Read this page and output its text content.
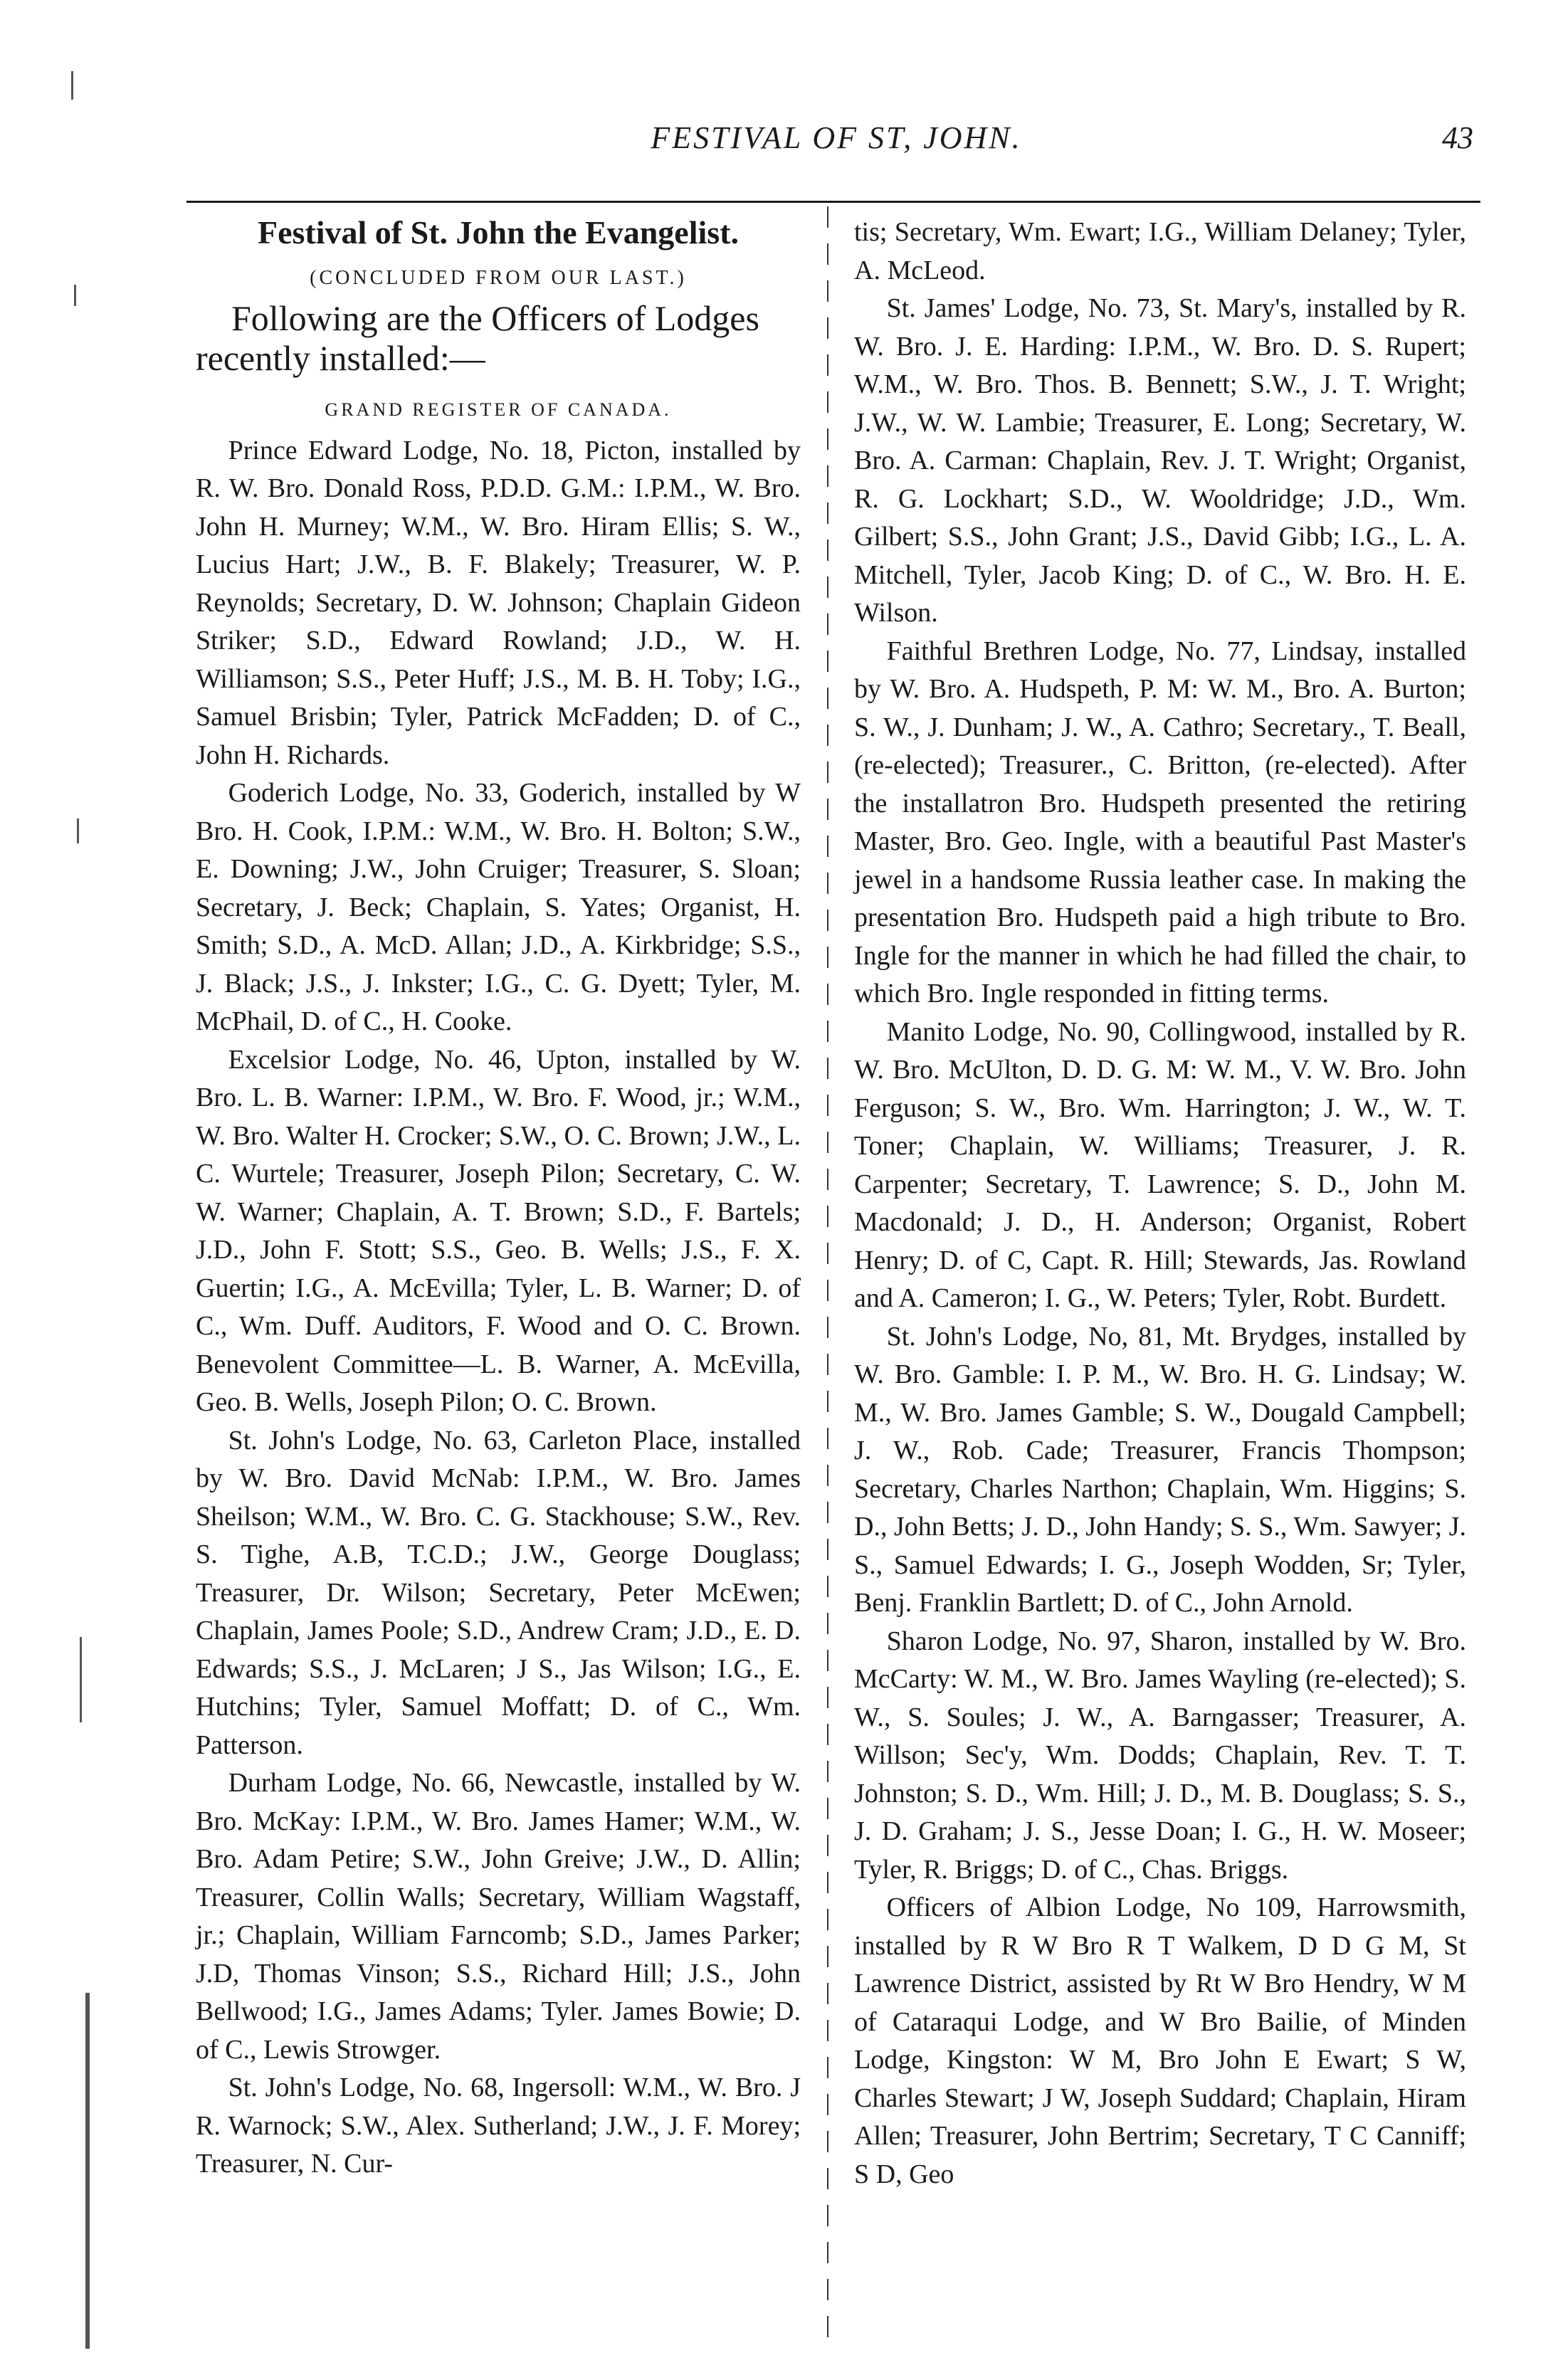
FESTIVAL OF ST, JOHN.	43
Festival of St. John the Evangelist.
(CONCLUDED FROM OUR LAST.)
Following are the Officers of Lodges recently installed:—
GRAND REGISTER OF CANADA.

Prince Edward Lodge, No. 18, Picton, installed by R. W. Bro. Donald Ross, P.D.D. G.M.: I.P.M., W. Bro. John H. Murney; W.M., W. Bro. Hiram Ellis; S. W., Lucius Hart; J.W., B. F. Blakely; Treasurer, W. P. Reynolds; Secretary, D. W. Johnson; Chaplain Gideon Striker; S.D., Edward Rowland; J.D., W. H. Williamson; S.S., Peter Huff; J.S., M. B. H. Toby; I.G., Samuel Brisbin; Tyler, Patrick McFadden; D. of C., John H. Richards.

Goderich Lodge, No. 33, Goderich, installed by W Bro. H. Cook, I.P.M.: W.M., W. Bro. H. Bolton; S.W., E. Downing; J.W., John Cruiger; Treasurer, S. Sloan; Secretary, J. Beck; Chaplain, S. Yates; Organist, H. Smith; S.D., A. McD. Allan; J.D., A. Kirkbridge; S.S., J. Black; J.S., J. Inkster; I.G., C. G. Dyett; Tyler, M. McPhail, D. of C., H. Cooke.

Excelsior Lodge, No. 46, Upton, installed by W. Bro. L. B. Warner: I.P.M., W. Bro. F. Wood, jr.; W.M., W. Bro. Walter H. Crocker; S.W., O. C. Brown; J.W., L. C. Wurtele; Treasurer, Joseph Pilon; Secretary, C. W. W. Warner; Chaplain, A. T. Brown; S.D., F. Bartels; J.D., John F. Stott; S.S., Geo. B. Wells; J.S., F. X. Guertin; I.G., A. McEvilla; Tyler, L. B. Warner; D. of C., Wm. Duff. Auditors, F. Wood and O. C. Brown. Benevolent Committee—L. B. Warner, A. McEvilla, Geo. B. Wells, Joseph Pilon; O. C. Brown.

St. John's Lodge, No. 63, Carleton Place, installed by W. Bro. David McNab: I.P.M., W. Bro. James Sheilson; W.M., W. Bro. C. G. Stackhouse; S.W., Rev. S. Tighe, A.B, T.C.D.; J.W., George Douglass; Treasurer, Dr. Wilson; Secretary, Peter McEwen; Chaplain, James Poole; S.D., Andrew Cram; J.D., E. D. Edwards; S.S., J. McLaren; J S., Jas Wilson; I.G., E. Hutchins; Tyler, Samuel Moffatt; D. of C., Wm. Patterson.

Durham Lodge, No. 66, Newcastle, installed by W. Bro. McKay: I.P.M., W. Bro. James Hamer; W.M., W. Bro. Adam Petire; S.W., John Greive; J.W., D. Allin; Treasurer, Collin Walls; Secretary, William Wagstaff, jr.; Chaplain, William Farncomb; S.D., James Parker; J.D, Thomas Vinson; S.S., Richard Hill; J.S., John Bellwood; I.G., James Adams; Tyler. James Bowie; D. of C., Lewis Strowger.

St. John's Lodge, No. 68, Ingersoll: W.M., W. Bro. J R. Warnock; S.W., Alex. Sutherland; J.W., J. F. Morey; Treasurer, N. Cur-

tis; Secretary, Wm. Ewart; I.G., William Delaney; Tyler, A. McLeod.

St. James' Lodge, No. 73, St. Mary's, installed by R. W. Bro. J. E. Harding: I.P.M., W. Bro. D. S. Rupert; W.M., W. Bro. Thos. B. Bennett; S.W., J. T. Wright; J.W., W. W. Lambie; Treasurer, E. Long; Secretary, W. Bro. A. Carman: Chaplain, Rev. J. T. Wright; Organist, R. G. Lockhart; S.D., W. Wooldridge; J.D., Wm. Gilbert; S.S., John Grant; J.S., David Gibb; I.G., L. A. Mitchell, Tyler, Jacob King; D. of C., W. Bro. H. E. Wilson.

Faithful Brethren Lodge, No. 77, Lindsay, installed by W. Bro. A. Hudspeth, P. M: W. M., Bro. A. Burton; S. W., J. Dunham; J. W., A. Cathro; Secretary., T. Beall, (re-elected); Treasurer., C. Britton, (re-elected). After the installatron Bro. Hudspeth presented the retiring Master, Bro. Geo. Ingle, with a beautiful Past Master's jewel in a handsome Russia leather case. In making the presentation Bro. Hudspeth paid a high tribute to Bro. Ingle for the manner in which he had filled the chair, to which Bro. Ingle responded in fitting terms.

Manito Lodge, No. 90, Collingwood, installed by R. W. Bro. McUlton, D. D. G. M: W. M., V. W. Bro. John Ferguson; S. W., Bro. Wm. Harrington; J. W., W. T. Toner; Chaplain, W. Williams; Treasurer, J. R. Carpenter; Secretary, T. Lawrence; S. D., John M. Macdonald; J. D., H. Anderson; Organist, Robert Henry; D. of C, Capt. R. Hill; Stewards, Jas. Rowland and A. Cameron; I. G., W. Peters; Tyler, Robt. Burdett.

St. John's Lodge, No, 81, Mt. Brydges, installed by W. Bro. Gamble: I. P. M., W. Bro. H. G. Lindsay; W. M., W. Bro. James Gamble; S. W., Dougald Campbell; J. W., Rob. Cade; Treasurer, Francis Thompson; Secretary, Charles Narthon; Chaplain, Wm. Higgins; S. D., John Betts; J. D., John Handy; S. S., Wm. Sawyer; J. S., Samuel Edwards; I. G., Joseph Wodden, Sr; Tyler, Benj. Franklin Bartlett; D. of C., John Arnold.

Sharon Lodge, No. 97, Sharon, installed by W. Bro. McCarty: W. M., W. Bro. James Wayling (re-elected); S. W., S. Soules; J. W., A. Barngasser; Treasurer, A. Willson; Sec'y, Wm. Dodds; Chaplain, Rev. T. T. Johnston; S. D., Wm. Hill; J. D., M. B. Douglass; S. S., J. D. Graham; J. S., Jesse Doan; I. G., H. W. Moseer; Tyler, R. Briggs; D. of C., Chas. Briggs.

Officers of Albion Lodge, No 109, Harrowsmith, installed by R W Bro R T Walkem, D D G M, St Lawrence District, assisted by Rt W Bro Hendry, W M of Cataraqui Lodge, and W Bro Bailie, of Minden Lodge, Kingston: W M, Bro John E Ewart; S W, Charles Stewart; J W, Joseph Suddard; Chaplain, Hiram Allen; Treasurer, John Bertrim; Secretary, T C Canniff; S D, Geo
